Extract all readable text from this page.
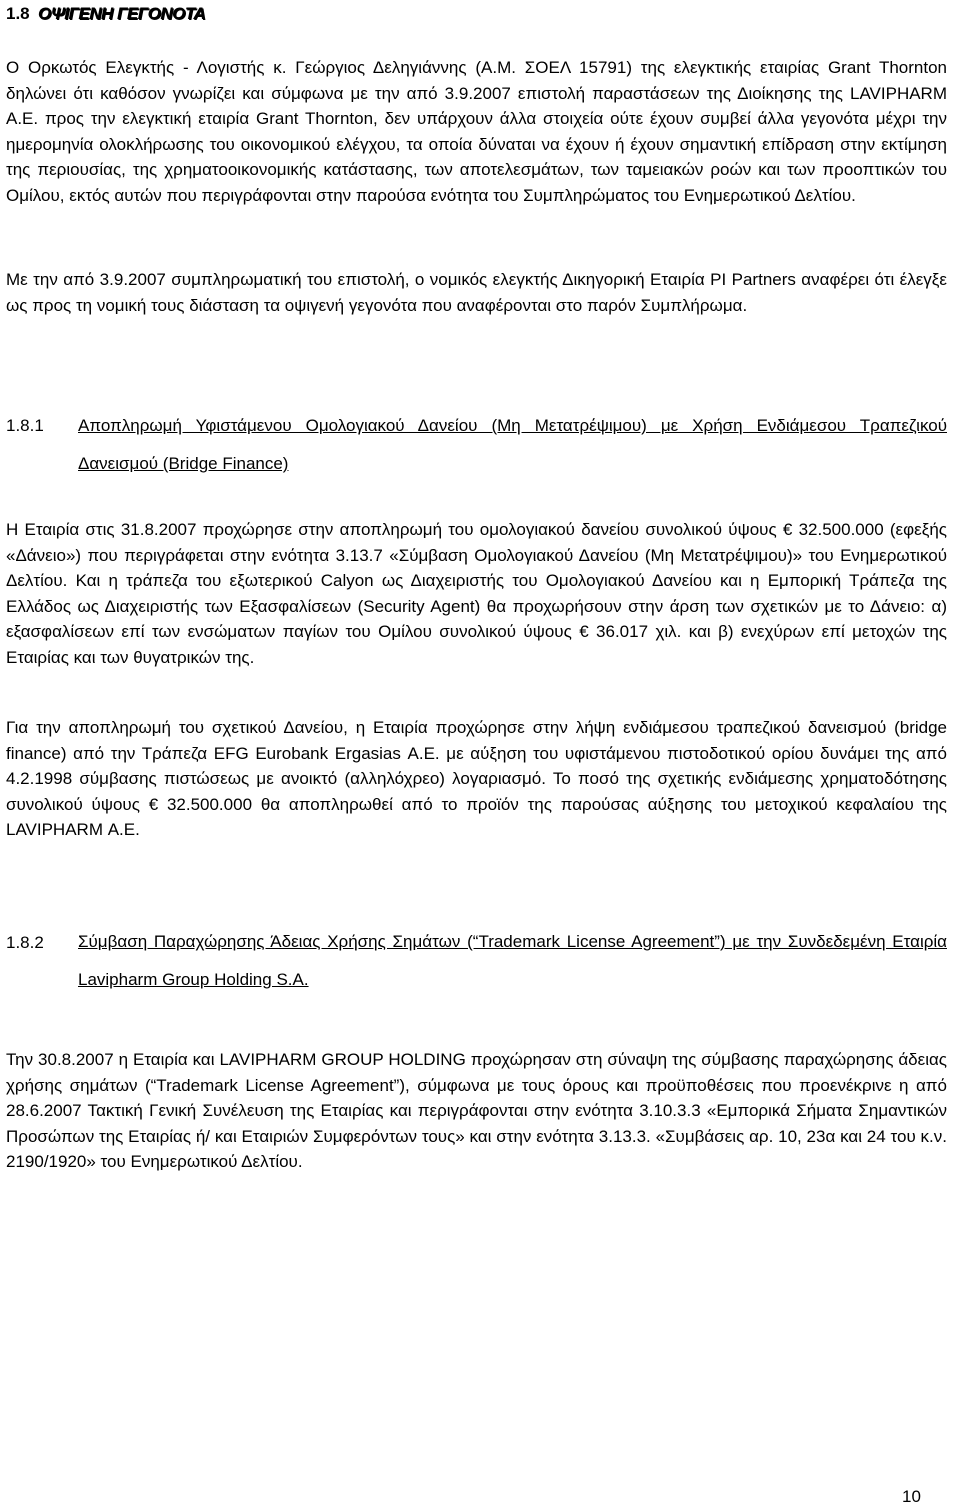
1.8 ΟΨΙΓΕΝΗ ΓΕΓΟΝΟΤΑ

Ο Ορκωτός Ελεγκτής - Λογιστής κ. Γεώργιος Δεληγιάννης (Α.Μ. ΣΟΕΛ 15791) της ελεγκτικής εταιρίας Grant Thornton δηλώνει ότι καθόσον γνωρίζει και σύμφωνα με την από 3.9.2007 επιστολή παραστάσεων της Διοίκησης της LAVIPHARM Α.Ε. προς την ελεγκτική εταιρία Grant Thornton, δεν υπάρχουν άλλα στοιχεία ούτε έχουν συμβεί άλλα γεγονότα μέχρι την ημερομηνία ολοκλήρωσης του οικονομικού ελέγχου, τα οποία δύναται να έχουν ή έχουν σημαντική επίδραση στην εκτίμηση της περιουσίας, της χρηματοοικονομικής κατάστασης, των αποτελεσμάτων, των ταμειακών ροών και των προοπτικών του Ομίλου, εκτός αυτών που περιγράφονται στην παρούσα ενότητα του Συμπληρώματος του Ενημερωτικού Δελτίου.

Με την από 3.9.2007 συμπληρωματική του επιστολή, ο νομικός ελεγκτής Δικηγορική Εταιρία PI Partners αναφέρει ότι έλεγξε ως προς τη νομική τους διάσταση τα οψιγενή γεγονότα που αναφέρονται στο παρόν Συμπλήρωμα.

1.8.1 Αποπληρωμή Υφιστάμενου Ομολογιακού Δανείου (Μη Μετατρέψιμου) με Χρήση Ενδιάμεσου Τραπεζικού Δανεισμού (Bridge Finance)

Η Εταιρία στις 31.8.2007 προχώρησε στην αποπληρωμή του ομολογιακού δανείου συνολικού ύψους € 32.500.000 (εφεξής «Δάνειο») που περιγράφεται στην ενότητα 3.13.7 «Σύμβαση Ομολογιακού Δανείου (Μη Μετατρέψιμου)» του Ενημερωτικού Δελτίου. Και η τράπεζα του εξωτερικού Calyon ως Διαχειριστής του Ομολογιακού Δανείου και η Εμπορική Τράπεζα της Ελλάδος ως Διαχειριστής των Εξασφαλίσεων (Security Agent) θα προχωρήσουν στην άρση των σχετικών με το Δάνειο: α) εξασφαλίσεων επί των ενσώματων παγίων του Ομίλου συνολικού ύψους € 36.017 χιλ. και β) ενεχύρων επί μετοχών της Εταιρίας και των θυγατρικών της.

Για την αποπληρωμή του σχετικού Δανείου, η Εταιρία προχώρησε στην λήψη ενδιάμεσου τραπεζικού δανεισμού (bridge finance) από την Τράπεζα EFG Eurobank Ergasias Α.Ε. με αύξηση του υφιστάμενου πιστοδοτικού ορίου δυνάμει της από 4.2.1998 σύμβασης πιστώσεως με ανοικτό (αλληλόχρεο) λογαριασμό. Το ποσό της σχετικής ενδιάμεσης χρηματοδότησης συνολικού ύψους € 32.500.000 θα αποπληρωθεί από το προϊόν της παρούσας αύξησης του μετοχικού κεφαλαίου της LAVIPHARM Α.Ε.

1.8.2 Σύμβαση Παραχώρησης Άδειας Χρήσης Σημάτων (“Trademark License Agreement”) με την Συνδεδεμένη Εταιρία Lavipharm Group Holding S.A.

Την 30.8.2007 η Εταιρία και LAVIPHARM GROUP HOLDING προχώρησαν στη σύναψη της σύμβασης παραχώρησης άδειας χρήσης σημάτων (“Trademark License Agreement”), σύμφωνα με τους όρους και προϋποθέσεις που προενέκρινε η από 28.6.2007 Τακτική Γενική Συνέλευση της Εταιρίας και περιγράφονται στην ενότητα 3.10.3.3 «Εμπορικά Σήματα Σημαντικών Προσώπων της Εταιρίας ή/ και Εταιριών Συμφερόντων τους» και στην ενότητα 3.13.3. «Συμβάσεις αρ. 10, 23α και 24 του κ.ν. 2190/1920» του Ενημερωτικού Δελτίου.

10
